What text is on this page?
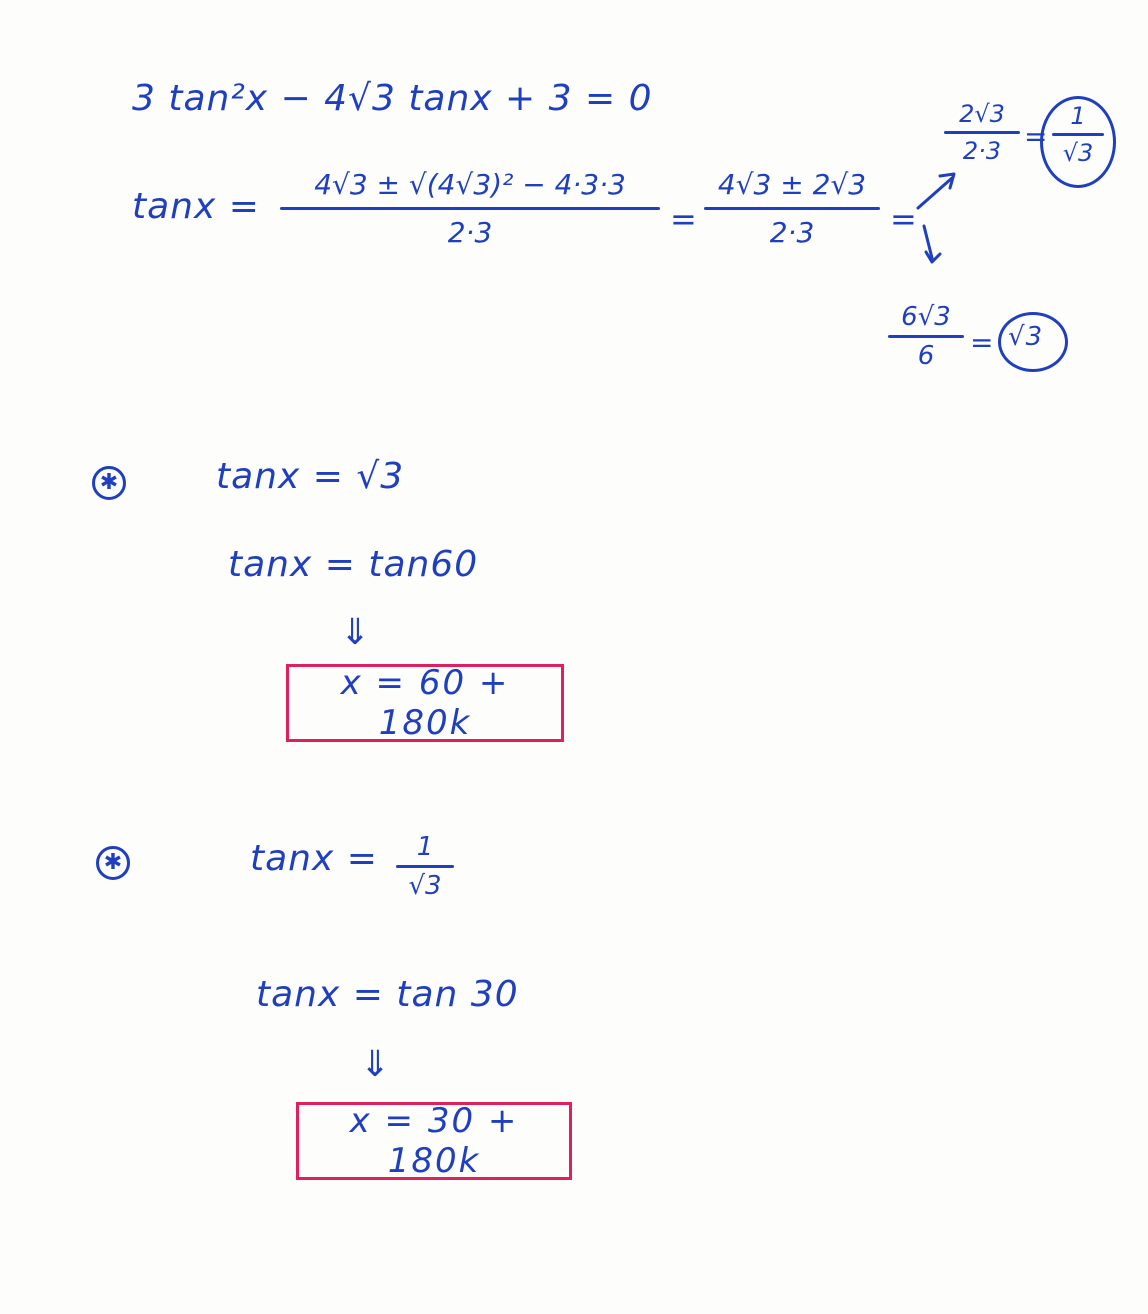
3 tan²x − 4√3 tanx + 3 = 0
tanx =
4√3 ± √(4√3)² − 4·3·3
2·3	=
4√3 ± 2√3
2·3	=
2√3
2·3 =
1
√3
6√3
6	= √3
✱	tanx = √3
tanx = tan60
⇓
x = 60 + 180k
✱	tanx =	1
√3
tanx = tan 30
⇓
x = 30 + 180k
